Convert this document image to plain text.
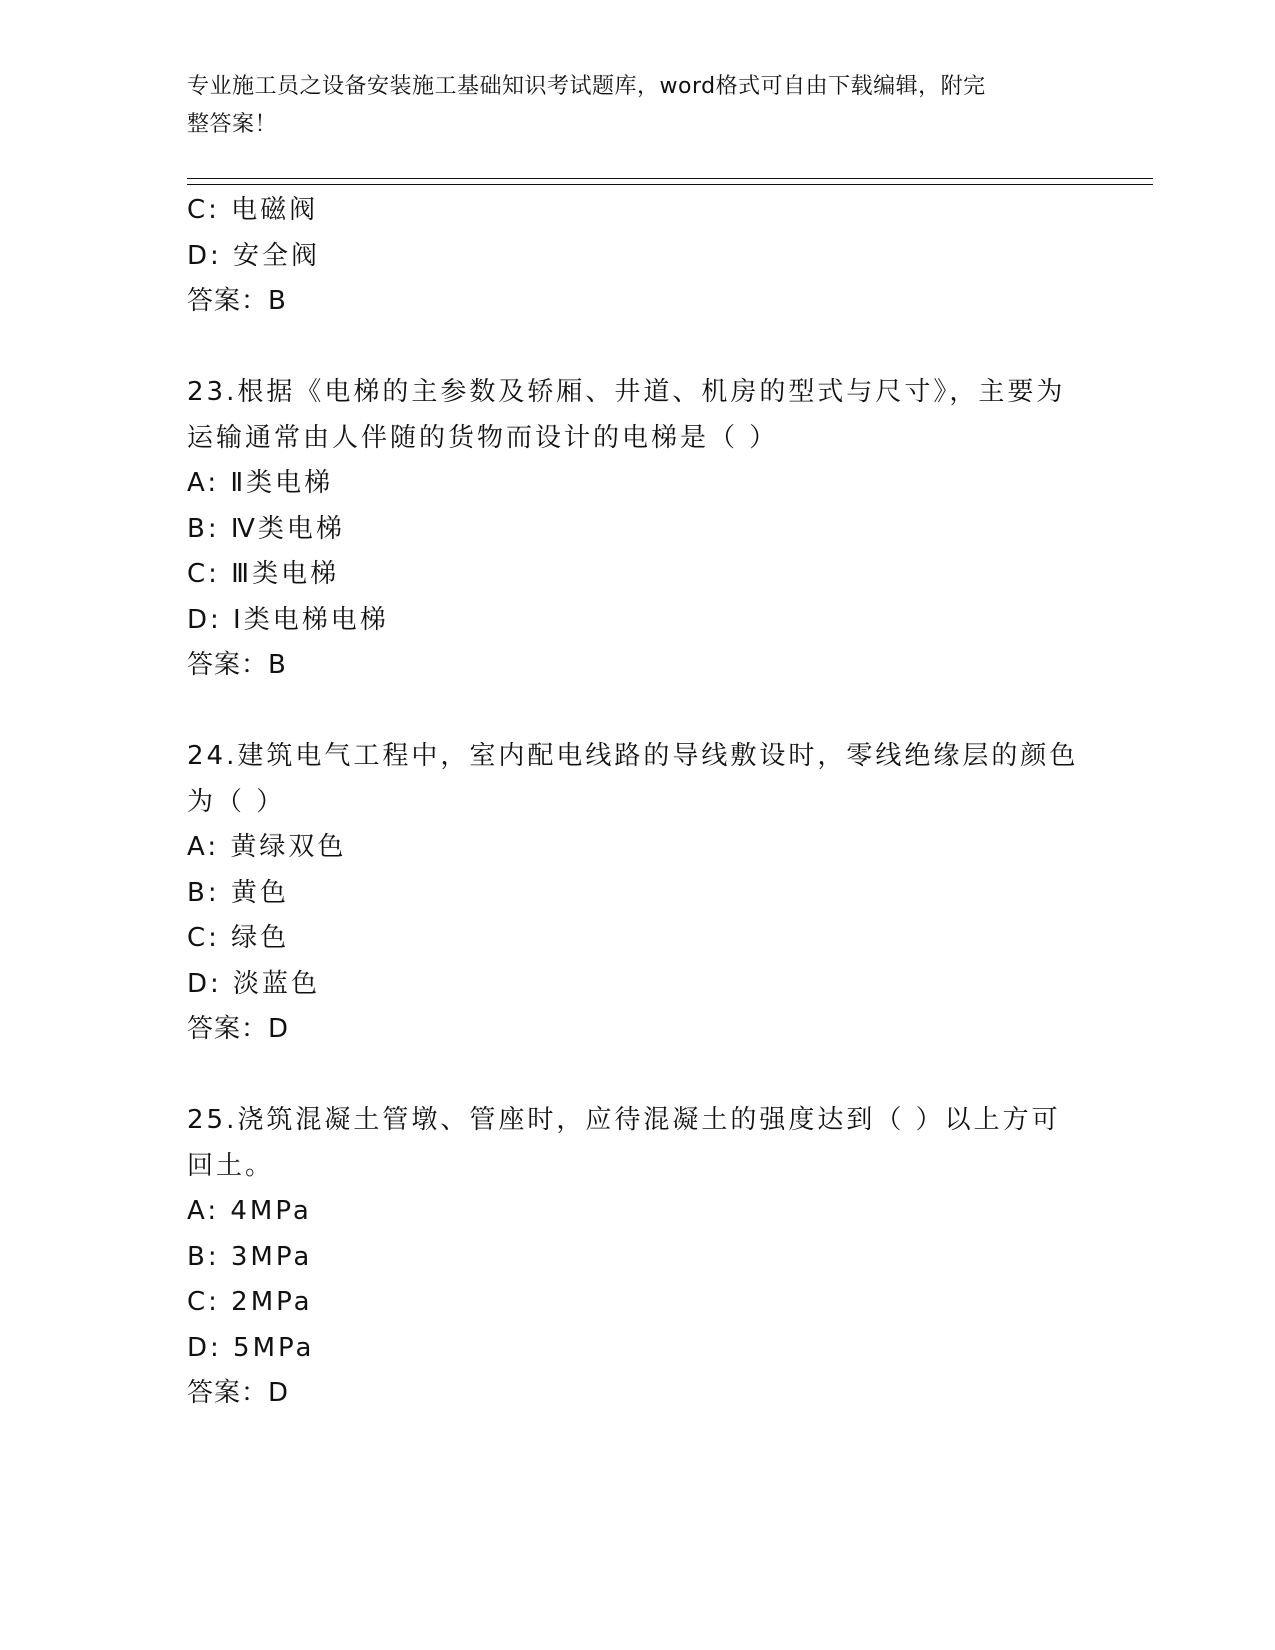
专业施工员之设备安装施工基础知识考试题库，word格式可自由下载编辑，附完
整答案！
C: 电磁阀
D: 安全阀
答案：B
23.根据《电梯的主参数及轿厢、井道、机房的型式与尺寸》，主要为
运输通常由人伴随的货物而设计的电梯是（ ）
A: Ⅱ类电梯
B: Ⅳ类电梯
C: Ⅲ类电梯
D: Ⅰ类电梯电梯
答案：B
24.建筑电气工程中，室内配电线路的导线敷设时，零线绝缘层的颜色
为（ ）
A: 黄绿双色
B: 黄色
C: 绿色
D: 淡蓝色
答案：D
25.浇筑混凝土管墩、管座时，应待混凝土的强度达到（ ）以上方可
回土。
A: 4MPa
B: 3MPa
C: 2MPa
D: 5MPa
答案：D
